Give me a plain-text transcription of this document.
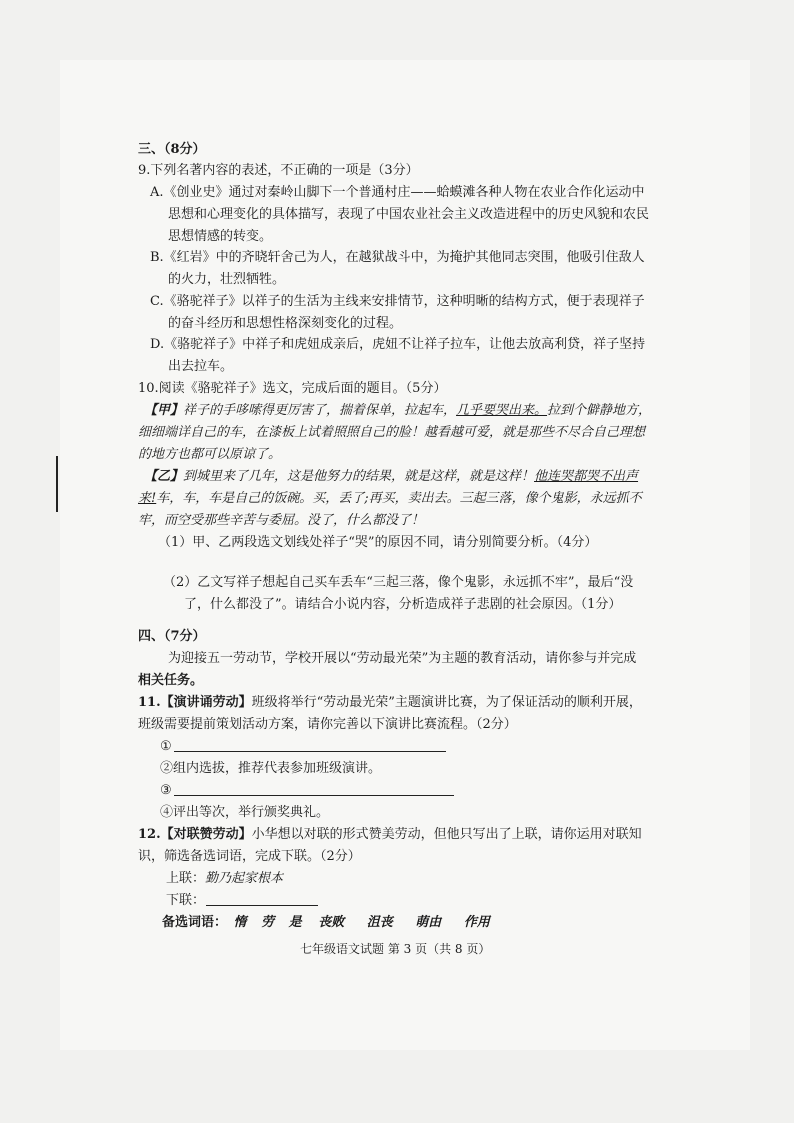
三、（8分）
9.下列名著内容的表述，不正确的一项是（3分）
A.《创业史》通过对秦岭山脚下一个普通村庄——蛤蟆滩各种人物在农业合作化运动中
思想和心理变化的具体描写，表现了中国农业社会主义改造进程中的历史风貌和农民
思想情感的转变。
B.《红岩》中的齐晓轩舍己为人，在越狱战斗中，为掩护其他同志突围，他吸引住敌人
的火力，壮烈牺牲。
C.《骆驼祥子》以祥子的生活为主线来安排情节，这种明晰的结构方式，便于表现祥子
的奋斗经历和思想性格深刻变化的过程。
D.《骆驼祥子》中祥子和虎妞成亲后，虎妞不让祥子拉车，让他去放高利贷，祥子坚持
出去拉车。
10.阅读《骆驼祥子》选文，完成后面的题目。（5分）
【甲】祥子的手哆嗦得更厉害了，揣着保单，拉起车，几乎要哭出来。拉到个僻静地方，
细细端详自己的车，在漆板上试着照照自己的脸！越看越可爱，就是那些不尽合自己理想
的地方也都可以原谅了。
【乙】到城里来了几年，这是他努力的结果，就是这样，就是这样！他连哭都哭不出声
来!车，车，车是自己的饭碗。买，丢了;再买，卖出去。三起三落，像个鬼影，永远抓不
牢，而空受那些辛苦与委屈。没了，什么都没了！
（1）甲、乙两段选文划线处祥子“哭”的原因不同，请分别简要分析。（4分）
（2）乙文写祥子想起自己买车丢车“三起三落，像个鬼影，永远抓不牢”，最后“没
了，什么都没了”。请结合小说内容，分析造成祥子悲剧的社会原因。（1分）
四、（7分）
为迎接五一劳动节，学校开展以“劳动最光荣”为主题的教育活动，请你参与并完成
相关任务。
11.【演讲诵劳动】班级将举行“劳动最光荣”主题演讲比赛，为了保证活动的顺利开展，
班级需要提前策划活动方案，请你完善以下演讲比赛流程。（2分）
①
②组内选拔，推荐代表参加班级演讲。
③
④评出等次，举行颁奖典礼。
12.【对联赞劳动】小华想以对联的形式赞美劳动，但他只写出了上联，请你运用对联知
识，筛选备选词语，完成下联。（2分）
上联：勤乃起家根本
下联：
备选词语： 惰 劳 是 丧败 沮丧 萌由 作用
七年级语文试题 第 3 页（共 8 页）
